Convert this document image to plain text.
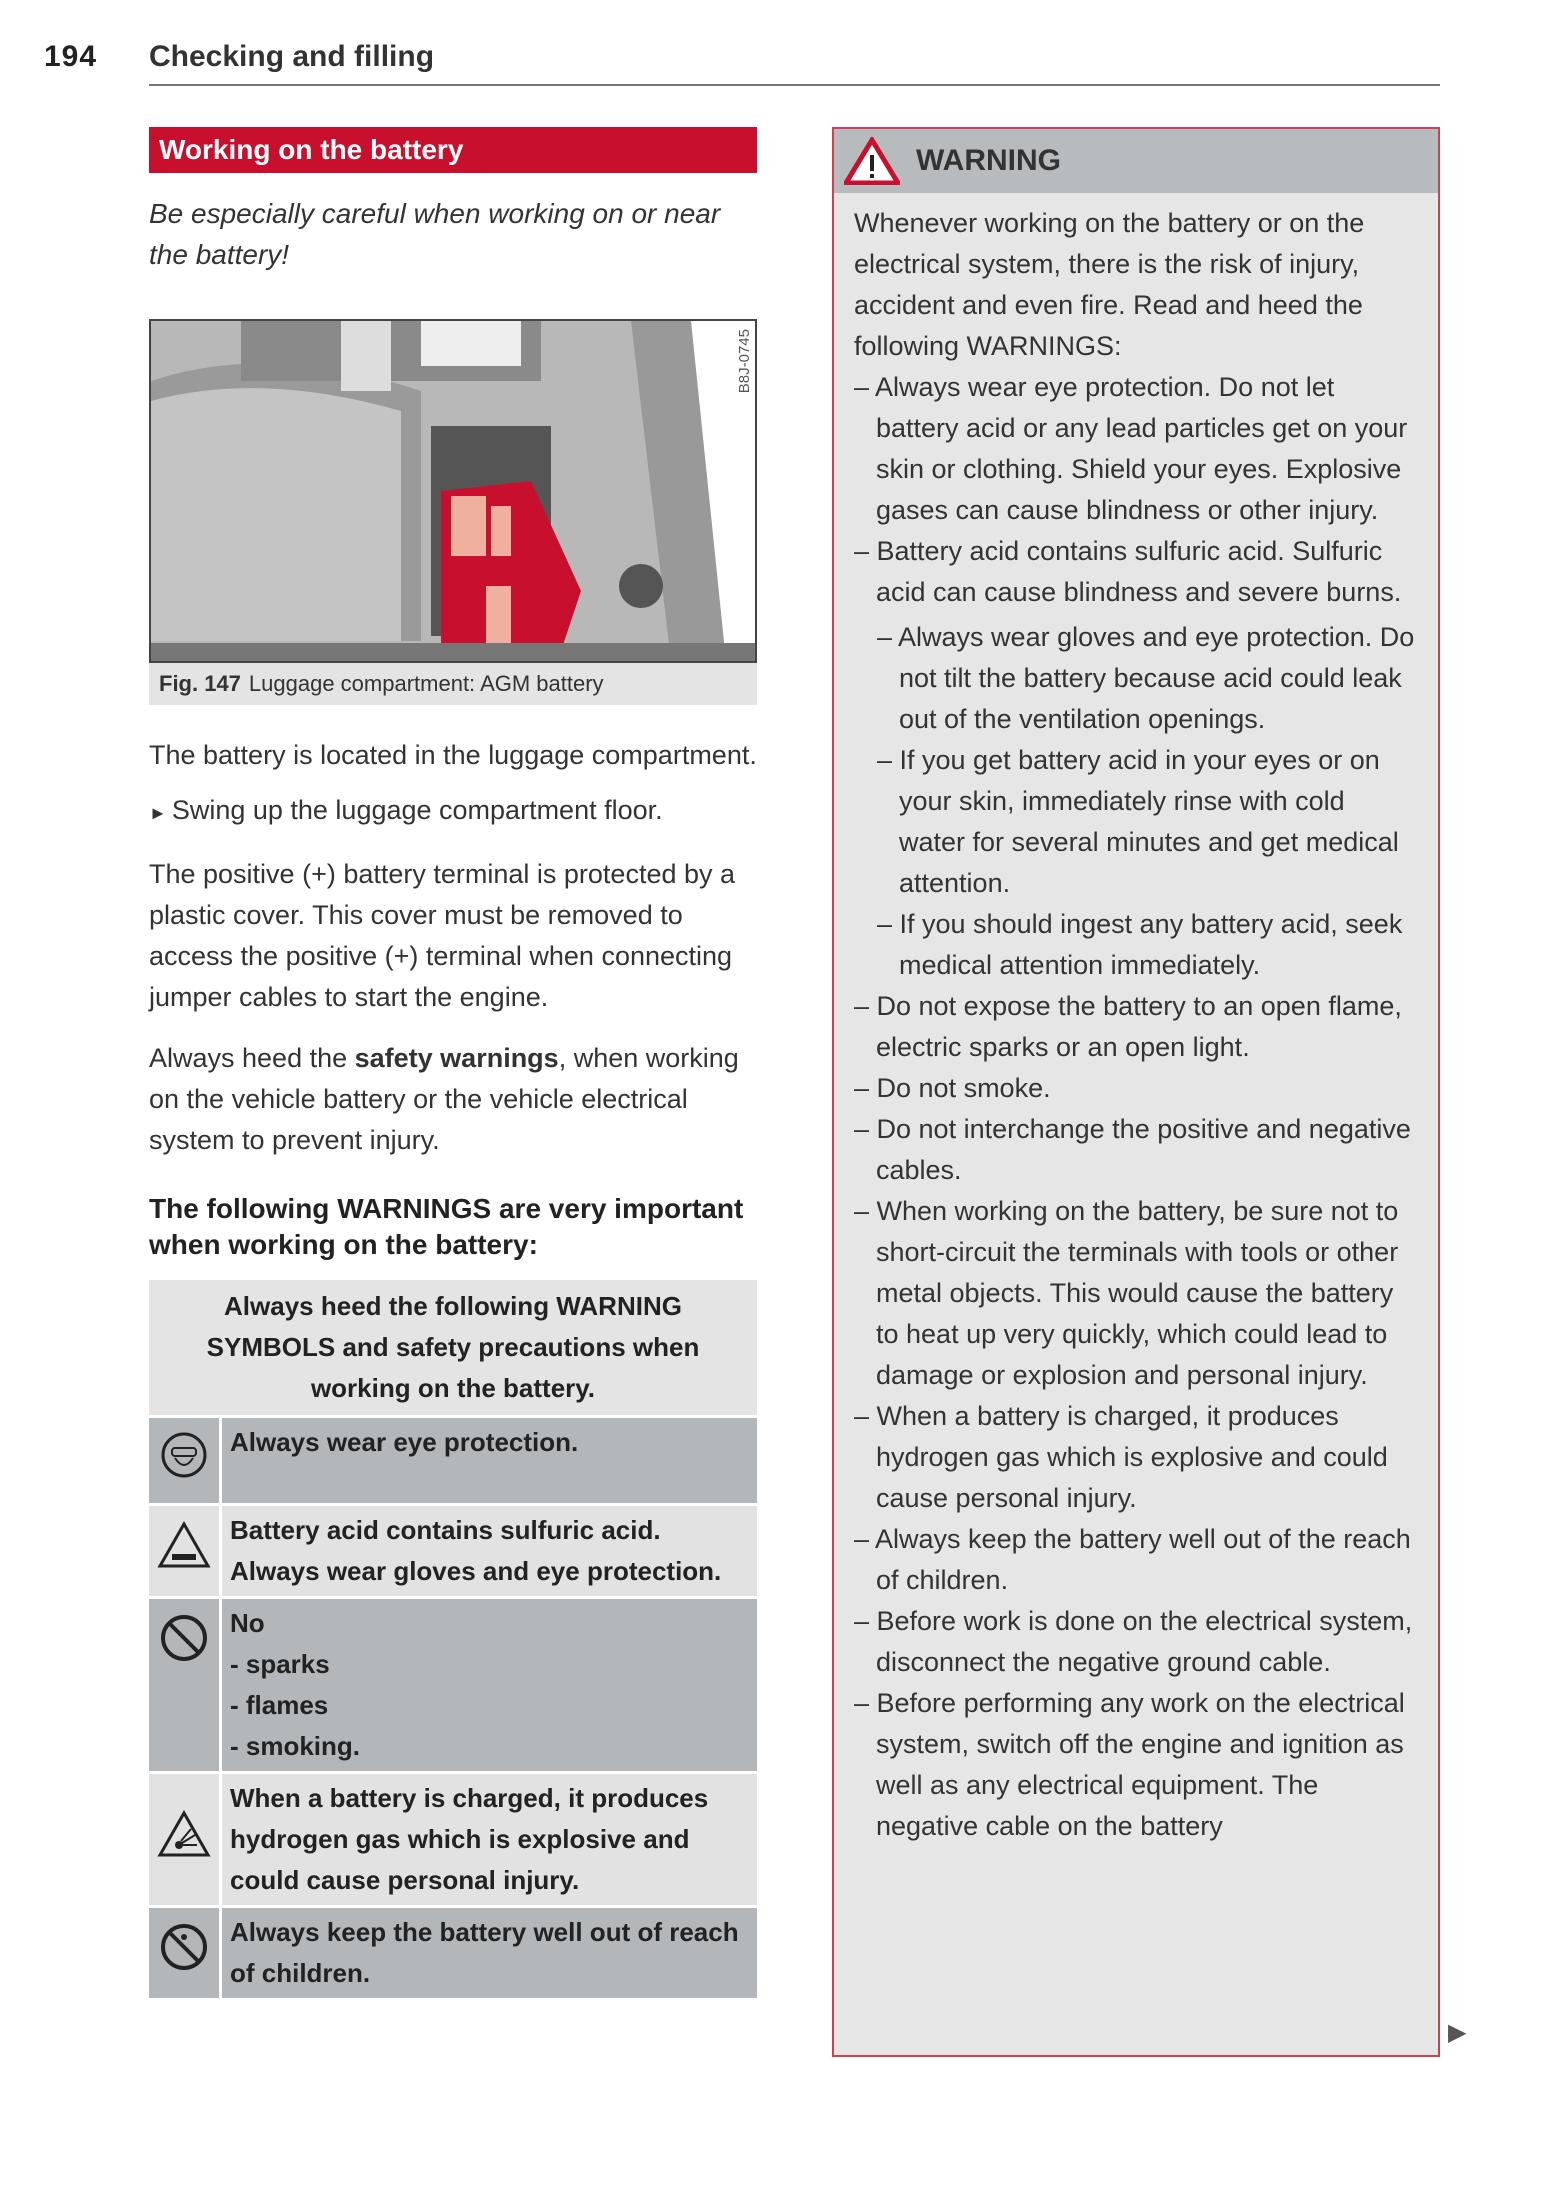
194 Checking and filling
Working on the battery
Be especially careful when working on or near the battery!
B8J-0745
Fig. 147 Luggage compartment: AGM battery

The battery is located in the luggage compartment.

► Swing up the luggage compartment floor.

The positive (+) battery terminal is protected by a plastic cover. This cover must be removed to access the positive (+) terminal when connecting jumper cables to start the engine.

Always heed the safety warnings, when working on the vehicle battery or the vehicle electrical system to prevent injury.

The following WARNINGS are very important when working on the battery:
Always heed the following WARNING SYMBOLS and safety precautions when working on the battery.	
	Always wear eye protection.
	Battery acid contains sulfuric acid. Always wear gloves and eye protection.

No
- sparks
- flames
- smoking.

	When a battery is charged, it produces hydrogen gas which is explosive and could cause personal injury.
	Always keep the battery well out of reach of children.
WARNING
Whenever working on the battery or on the electrical system, there is the risk of injury, accident and even fire. Read and heed the following WARNINGS:
– Always wear eye protection. Do not let battery acid or any lead particles get on your skin or clothing. Shield your eyes. Explosive gases can cause blindness or other injury.
– Battery acid contains sulfuric acid. Sulfuric acid can cause blindness and severe burns.
– Always wear gloves and eye protection. Do not tilt the battery because acid could leak out of the ventilation openings.
– If you get battery acid in your eyes or on your skin, immediately rinse with cold water for several minutes and get medical attention.
– If you should ingest any battery acid, seek medical attention immediately.
– Do not expose the battery to an open flame, electric sparks or an open light.
– Do not smoke.
– Do not interchange the positive and negative cables.
– When working on the battery, be sure not to short-circuit the terminals with tools or other metal objects. This would cause the battery to heat up very quickly, which could lead to damage or explosion and personal injury.
– When a battery is charged, it produces hydrogen gas which is explosive and could cause personal injury.
– Always keep the battery well out of the reach of children.
– Before work is done on the electrical system, disconnect the negative ground cable.
– Before performing any work on the electrical system, switch off the engine and ignition as well as any electrical equipment. The negative cable on the battery
▶
